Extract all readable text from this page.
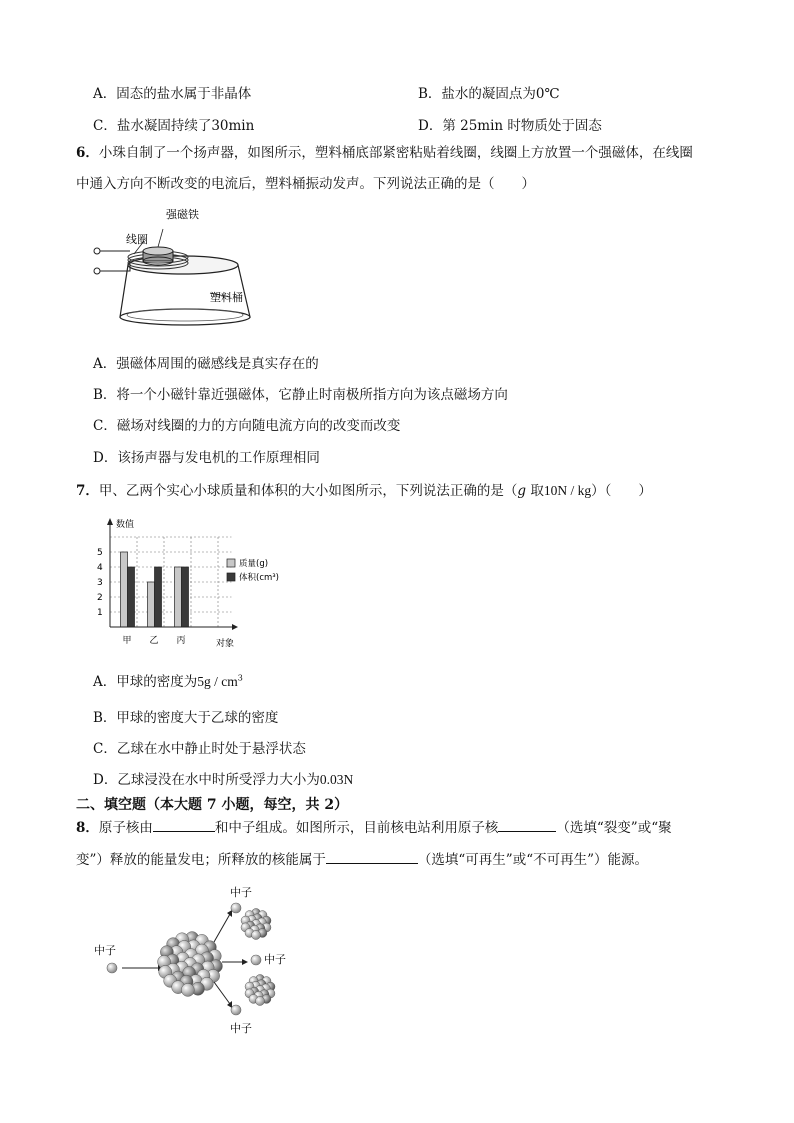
A．固态的盐水属于非晶体	B．盐水的凝固点为0℃
C．盐水凝固持续了30min	D．第 25min 时物质处于固态
6．小珠自制了一个扬声器，如图所示，塑料桶底部紧密粘贴着线圈，线圈上方放置一个强磁体，在线圈
中通入方向不断改变的电流后，塑料桶振动发声。下列说法正确的是（　　）
强磁铁
线圈
塑料桶
A．强磁体周围的磁感线是真实存在的
B．将一个小磁针靠近强磁体，它静止时南极所指方向为该点磁场方向
C．磁场对线圈的力的方向随电流方向的改变而改变
D．该扬声器与发电机的工作原理相同
7．甲、乙两个实心小球质量和体积的大小如图所示，下列说法正确的是（g 取10N / kg）（　　）
数值
对象
1
2
3
4
5
甲 乙 丙
质量(g)
体积(cm³)
A．甲球的密度为$5g / cm^3$
B．甲球的密度大于乙球的密度
C．乙球在水中静止时处于悬浮状态
D．乙球浸没在水中时所受浮力大小为0.03N
二、填空题（本大题 7 小题，每空，共 2）
8．原子核由	和中子组成。如图所示，目前核电站利用原子核	（选填“裂变”或“聚
变”）释放的能量发电；所释放的核能属于	（选填“可再生”或“不可再生”）能源。
中子
中子
中子
中子
